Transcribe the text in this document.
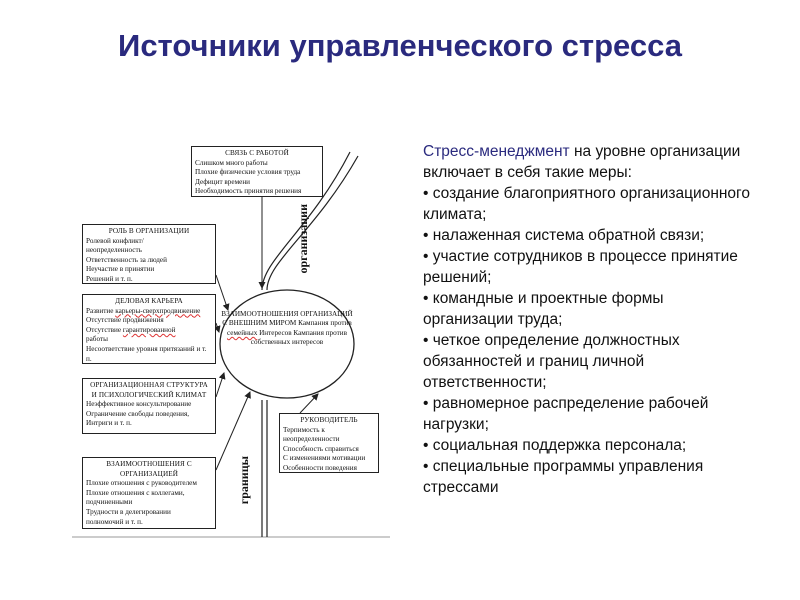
Источники управленческого стресса
СВЯЗЬ С РАБОТОЙ
Слишком много работы
Плохие физические условия труда
Дефицит времени
Необходимость принятия решения
РОЛЬ В ОРГАНИЗАЦИИ
Ролевой конфликт/ неопределенность
Ответственность за людей
Неучастие в принятии
Решений и т. п.
ДЕЛОВАЯ КАРЬЕРА
Развитие карьеры-сверхпродвижение
Отсутствие продвижения
Отсутствие гарантированной
работы
Несоответствие уровня притязаний и т. п.
ОРГАНИЗАЦИОННАЯ СТРУКТУРА
И ПСИХОЛОГИЧЕСКИЙ КЛИМАТ
Неэффективное консультирование
Ограничение свободы поведения,
Интриги и т. п.
ВЗАИМООТНОШЕНИЯ С
ОРГАНИЗАЦИЕЙ
Плохие отношения с руководителем
Плохие отношения с коллегами,
подчиненными
Трудности в делегировании
полномочий и т. п.
РУКОВОДИТЕЛЬ
Терпимость к
неопределенности
Способность справиться
С изменениями мотивации
Особенности поведения
ВЗАИМООТНОШЕНИЯ ОРГАНИЗАЦИЙ С ВНЕШНИМ МИРОМ Кампания против семейных Интересов Кампания против собственных интересов
организации
границы
Стресс-менеджмент на уровне организации включает в себя такие меры:
• создание благоприятного организационного климата;
• налаженная система обратной связи;
• участие сотрудников в процессе принятие решений;
• командные и проектные формы организации труда;
• четкое определение должностных обязанностей и границ личной ответственности;
• равномерное распределение рабочей нагрузки;
• социальная поддержка персонала;
• специальные программы управления стрессами
